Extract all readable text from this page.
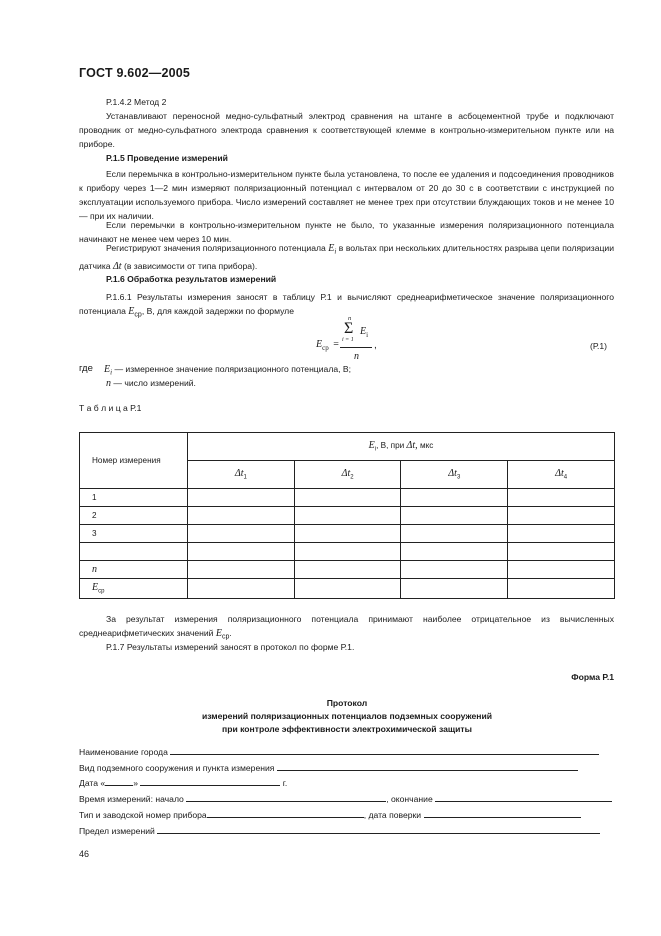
ГОСТ 9.602—2005
Р.1.4.2 Метод 2
Устанавливают переносной медно-сульфатный электрод сравнения на штанге в асбоцементной трубе и подключают проводник от медно-сульфатного электрода сравнения к соответствующей клемме в контрольно-измерительном пункте или на приборе.
Р.1.5 Проведение измерений
Если перемычка в контрольно-измерительном пункте была установлена, то после ее удаления и подсоединения проводников к прибору через 1—2 мин измеряют поляризационный потенциал с интервалом от 20 до 30 с в соответствии с инструкцией по эксплуатации используемого прибора. Число измерений составляет не менее трех при отсутствии блуждающих токов и не менее 10 — при их наличии.
Если перемычки в контрольно-измерительном пункте не было, то указанные измерения поляризационного потенциала начинают не менее чем через 10 мин.
Регистрируют значения поляризационного потенциала $E_i$ в вольтах при нескольких длительностях разрыва цепи поляризации датчика Δt (в зависимости от типа прибора).
Р.1.6 Обработка результатов измерений
Р.1.6.1 Результаты измерения заносят в таблицу Р.1 и вычисляют среднеарифметическое значение поляризационного потенциала $E_{ср}$, В, для каждой задержки по формуле
$E_{ср}$ =
n
Σ
i = 1
$E_i$
n
,	(Р.1)
где $E_i$ — измеренное значение поляризационного потенциала, В;
n — число измерений.
Т а б л и ц а Р.1
Номер измерения	$E_i$, В, при Δt, мкс			
	$\Delta t_1$	$\Delta t_2$	$\Delta t_3$	$\Delta t_4$
1				
2				
3				

n				
$E_{ср}$				
За результат измерения поляризационного потенциала принимают наиболее отрицательное из вычисленных среднеарифметических значений $E_{ср}$.
Р.1.7 Результаты измерений заносят в протокол по форме Р.1.
Форма Р.1
Протокол
измерений поляризационных потенциалов подземных сооружений
при контроле эффективности электрохимической защиты
Наименование города
Вид подземного сооружения и пункта измерения
Дата «	»	г.
Время измерений: начало	, окончание
Тип и заводской номер прибора	, дата поверки
Предел измерений
46
